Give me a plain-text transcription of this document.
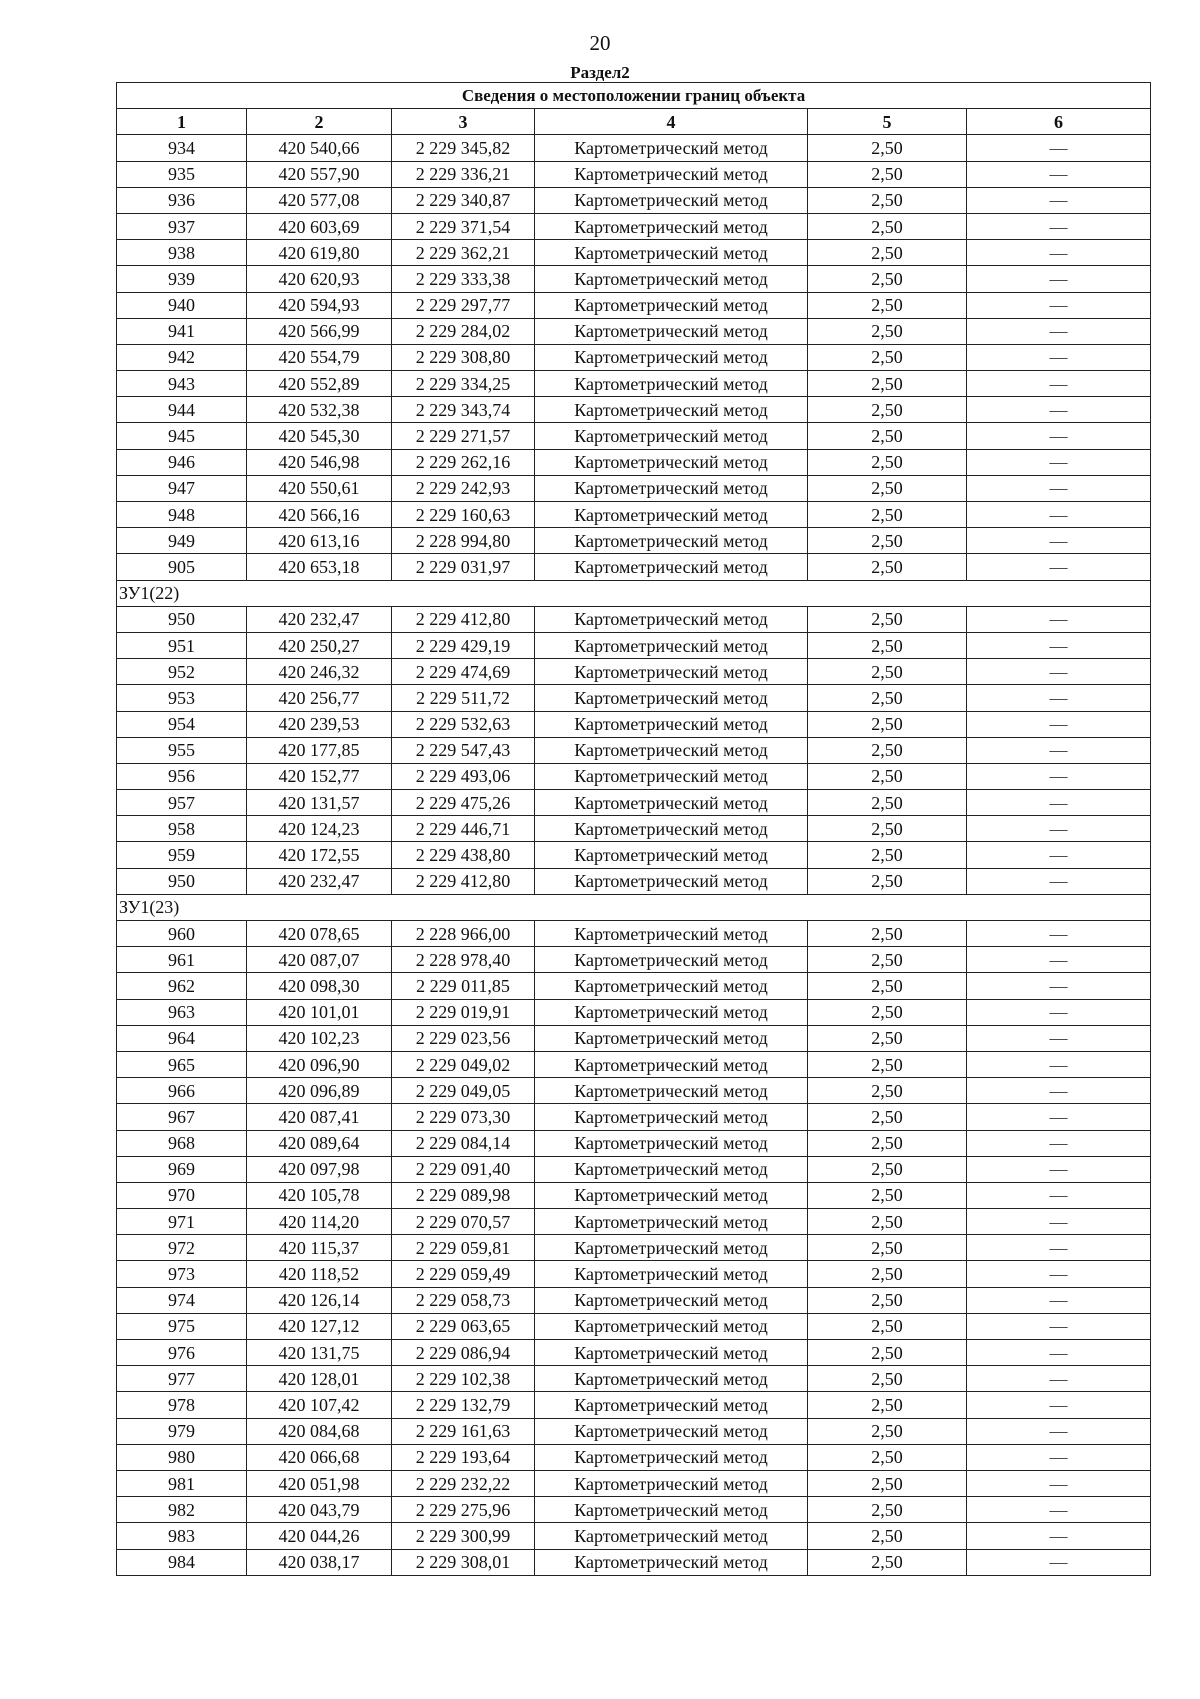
20
Раздел2
Сведения о местоположении границ объекта					
1	2	3	4	5	6
934	420 540,66	2 229 345,82	Картометрический метод	2,50	—
935	420 557,90	2 229 336,21	Картометрический метод	2,50	—
936	420 577,08	2 229 340,87	Картометрический метод	2,50	—
937	420 603,69	2 229 371,54	Картометрический метод	2,50	—
938	420 619,80	2 229 362,21	Картометрический метод	2,50	—
939	420 620,93	2 229 333,38	Картометрический метод	2,50	—
940	420 594,93	2 229 297,77	Картометрический метод	2,50	—
941	420 566,99	2 229 284,02	Картометрический метод	2,50	—
942	420 554,79	2 229 308,80	Картометрический метод	2,50	—
943	420 552,89	2 229 334,25	Картометрический метод	2,50	—
944	420 532,38	2 229 343,74	Картометрический метод	2,50	—
945	420 545,30	2 229 271,57	Картометрический метод	2,50	—
946	420 546,98	2 229 262,16	Картометрический метод	2,50	—
947	420 550,61	2 229 242,93	Картометрический метод	2,50	—
948	420 566,16	2 229 160,63	Картометрический метод	2,50	—
949	420 613,16	2 228 994,80	Картометрический метод	2,50	—
905	420 653,18	2 229 031,97	Картометрический метод	2,50	—
ЗУ1(22)					
950	420 232,47	2 229 412,80	Картометрический метод	2,50	—
951	420 250,27	2 229 429,19	Картометрический метод	2,50	—
952	420 246,32	2 229 474,69	Картометрический метод	2,50	—
953	420 256,77	2 229 511,72	Картометрический метод	2,50	—
954	420 239,53	2 229 532,63	Картометрический метод	2,50	—
955	420 177,85	2 229 547,43	Картометрический метод	2,50	—
956	420 152,77	2 229 493,06	Картометрический метод	2,50	—
957	420 131,57	2 229 475,26	Картометрический метод	2,50	—
958	420 124,23	2 229 446,71	Картометрический метод	2,50	—
959	420 172,55	2 229 438,80	Картометрический метод	2,50	—
950	420 232,47	2 229 412,80	Картометрический метод	2,50	—
ЗУ1(23)					
960	420 078,65	2 228 966,00	Картометрический метод	2,50	—
961	420 087,07	2 228 978,40	Картометрический метод	2,50	—
962	420 098,30	2 229 011,85	Картометрический метод	2,50	—
963	420 101,01	2 229 019,91	Картометрический метод	2,50	—
964	420 102,23	2 229 023,56	Картометрический метод	2,50	—
965	420 096,90	2 229 049,02	Картометрический метод	2,50	—
966	420 096,89	2 229 049,05	Картометрический метод	2,50	—
967	420 087,41	2 229 073,30	Картометрический метод	2,50	—
968	420 089,64	2 229 084,14	Картометрический метод	2,50	—
969	420 097,98	2 229 091,40	Картометрический метод	2,50	—
970	420 105,78	2 229 089,98	Картометрический метод	2,50	—
971	420 114,20	2 229 070,57	Картометрический метод	2,50	—
972	420 115,37	2 229 059,81	Картометрический метод	2,50	—
973	420 118,52	2 229 059,49	Картометрический метод	2,50	—
974	420 126,14	2 229 058,73	Картометрический метод	2,50	—
975	420 127,12	2 229 063,65	Картометрический метод	2,50	—
976	420 131,75	2 229 086,94	Картометрический метод	2,50	—
977	420 128,01	2 229 102,38	Картометрический метод	2,50	—
978	420 107,42	2 229 132,79	Картометрический метод	2,50	—
979	420 084,68	2 229 161,63	Картометрический метод	2,50	—
980	420 066,68	2 229 193,64	Картометрический метод	2,50	—
981	420 051,98	2 229 232,22	Картометрический метод	2,50	—
982	420 043,79	2 229 275,96	Картометрический метод	2,50	—
983	420 044,26	2 229 300,99	Картометрический метод	2,50	—
984	420 038,17	2 229 308,01	Картометрический метод	2,50	—
